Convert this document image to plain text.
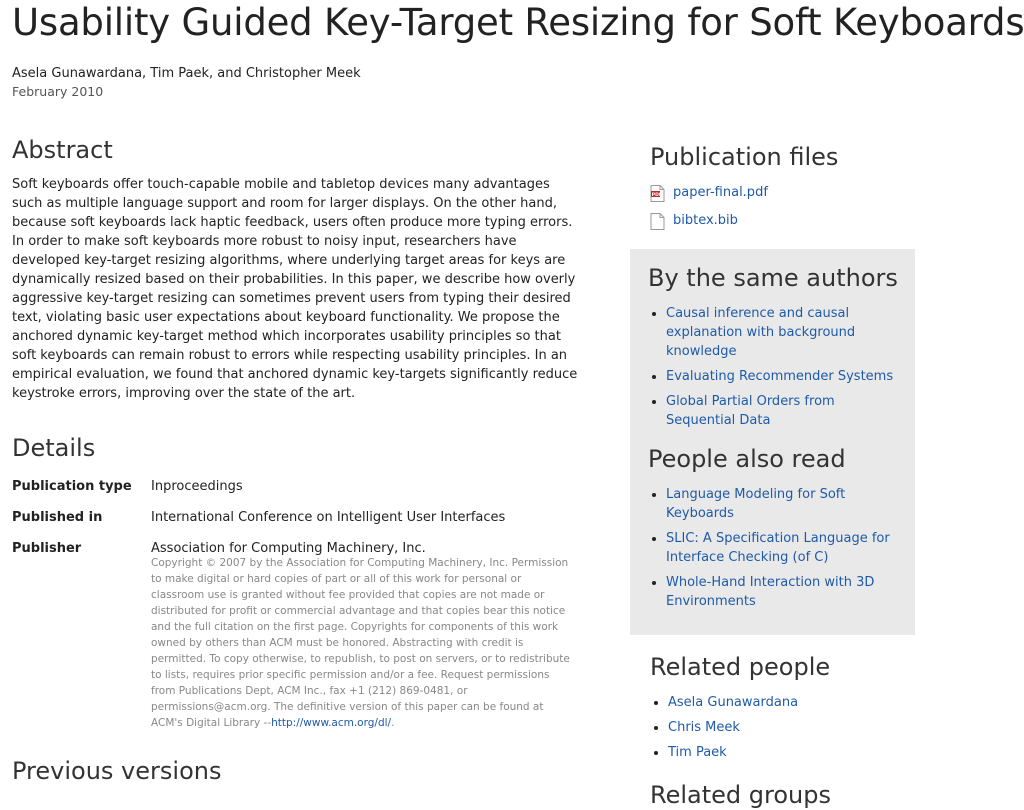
Usability Guided Key-Target Resizing for Soft Keyboards
Asela Gunawardana, Tim Paek, and Christopher Meek
February 2010
Abstract

Soft keyboards offer touch-capable mobile and tabletop devices many advantages such as multiple language support and room for larger displays. On the other hand, because soft keyboards lack haptic feedback, users often produce more typing errors. In order to make soft keyboards more robust to noisy input, researchers have developed key-target resizing algorithms, where underlying target areas for keys are dynamically resized based on their probabilities. In this paper, we describe how overly aggressive key-target resizing can sometimes prevent users from typing their desired text, violating basic user expectations about keyboard functionality. We propose the anchored dynamic key-target method which incorporates usability principles so that soft keyboards can remain robust to errors while respecting usability principles. In an empirical evaluation, we found that anchored dynamic key-targets significantly reduce keystroke errors, improving over the state of the art.

Details
Publication type	Inproceedings
Published in	International Conference on Intelligent User Interfaces
Publisher	Association for Computing Machinery, Inc.
Copyright © 2007 by the Association for Computing Machinery, Inc. Permission to make digital or hard copies of part or all of this work for personal or classroom use is granted without fee provided that copies are not made or distributed for profit or commercial advantage and that copies bear this notice and the full citation on the first page. Copyrights for components of this work owned by others than ACM must be honored. Abstracting with credit is permitted. To copy otherwise, to republish, to post on servers, or to redistribute to lists, requires prior specific permission and/or a fee. Request permissions from Publications Dept, ACM Inc., fax +1 (212) 869-0481, or permissions@acm.org. The definitive version of this paper can be found at ACM's Digital Library --http://www.acm.org/dl/.
Previous versions
Publication files
PDF paper-final.pdf
bibtex.bib
By the same authors
• Causal inference and causal explanation with background knowledge
• Evaluating Recommender Systems
• Global Partial Orders from Sequential Data
People also read
• Language Modeling for Soft Keyboards
• SLIC: A Specification Language for Interface Checking (of C)
• Whole-Hand Interaction with 3D Environments
Related people
• Asela Gunawardana
• Chris Meek
• Tim Paek
Related groups
